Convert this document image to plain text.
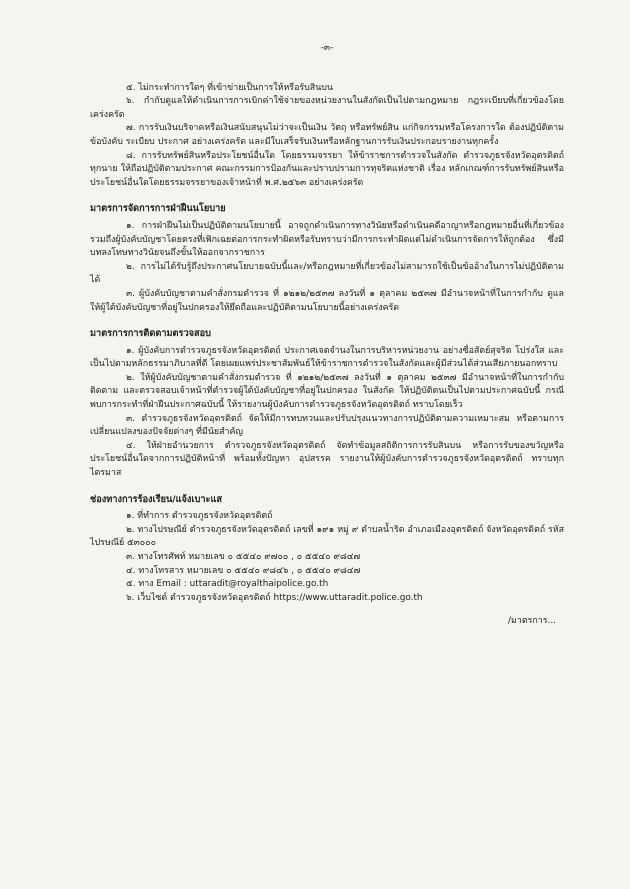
-๓-

๕. ไม่กระทำการใดๆ ที่เข้าข่ายเป็นการให้หรือรับสินบน

๖. กำกับดูแลให้ดำเนินการการเบิกค่าใช้จ่ายของหน่วยงานในสังกัดเป็นไปตามกฎหมาย กฎระเบียบที่เกี่ยวข้องโดยเคร่งครัด

๗. การรับเงินบริจาคหรือเงินสนับสนุนไม่ว่าจะเป็นเงิน วัตถุ หรือทรัพย์สิน แก่กิจกรรมหรือโครงการใด ต้องปฏิบัติตามข้อบังคับ ระเบียบ ประกาศ อย่างเคร่งครัด และมีใบเสร็จรับเงินหรือหลักฐานการรับเงินประกอบรายงานทุกครั้ง

๘. การรับทรัพย์สินหรือประโยชน์อื่นใด โดยธรรมจรรยา ให้ข้าราชการตำรวจในสังกัด ตำรวจภูธรจังหวัดอุตรดิตถ์ ทุกนาย ให้ถือปฏิบัติตามประกาศ คณะกรรมการป้องกันและปราบปรามการทุจริตแห่งชาติ เรื่อง หลักเกณฑ์การรับทรัพย์สินหรือประโยชน์อื่นใดโดยธรรมจรรยาของเจ้าหน้าที่ พ.ศ.๒๕๖๓ อย่างเคร่งครัด

มาตรการจัดการการฝ่าฝืนนโยบาย

๑. การฝ่าฝืนไม่เป็นปฏิบัติตามนโยบายนี้ อาจถูกดำเนินการทางวินัยหรือดำเนินคดีอาญาหรือกฎหมายอื่นที่เกี่ยวข้อง รวมถึงผู้บังคับบัญชาโดยตรงที่เพิกเฉยต่อการกระทำผิดหรือรับทราบว่ามีการกระทำผิดแต่ไม่ดำเนินการจัดการให้ถูกต้อง ซึ่งมีบทลงโทษทางวินัยจนถึงขั้นให้ออกจากราชการ

๒. การไม่ได้รับรู้ถึงประกาศนโยบายฉบับนี้และ/หรือกฎหมายที่เกี่ยวข้องไม่สามารถใช้เป็นข้ออ้างในการไม่ปฏิบัติตามได้

๓. ผู้บังคับบัญชาตามคำสั่งกรมตำรวจ ที่ ๑๒๑๒/๒๕๓๗ ลงวันที่ ๑ ตุลาคม ๒๕๓๗ มีอำนาจหน้าที่ในการกำกับ ดูแล ให้ผู้ใต้บังคับบัญชาที่อยู่ในปกครองให้ยึดถือและปฏิบัติตามนโยบายนี้อย่างเคร่งครัด

มาตรการการติดตามตรวจสอบ

๑. ผู้บังคับการตำรวจภูธรจังหวัดอุตรดิตถ์ ประกาศเจตจำนงในการบริหารหน่วยงาน อย่างซื่อสัตย์สุจริต โปร่งใส และเป็นไปตามหลักธรรมาภิบาลที่ดี โดยเผยแพร่ประชาสัมพันธ์ให้ข้าราชการตำรวจในสังกัดและผู้มีส่วนได้ส่วนเสียภายนอกทราบ

๒. ให้ผู้บังคับบัญชาตามคำสั่งกรมตำรวจ ที่ ๑๒๑๒/๒๕๓๗ ลงวันที่ ๑ ตุลาคม ๒๕๓๗ มีอำนาจหน้าที่ในการกำกับ ติดตาม และตรวจสอบเจ้าหน้าที่ตำรวจผู้ใต้บังคับบัญชาที่อยู่ในปกครอง ในสังกัด ให้ปฏิบัติตนเป็นไปตามประกาศฉบับนี้ กรณีพบการกระทำที่ฝ่าฝืนประกาศฉบับนี้ ให้รายงานผู้บังคับการตำรวจภูธรจังหวัดอุตรดิตถ์ ทราบโดยเร็ว

๓. ตำรวจภูธรจังหวัดอุตรดิตถ์ จัดให้มีการทบทวนและปรับปรุงแนวทางการปฏิบัติตามความเหมาะสม หรือตามการเปลี่ยนแปลงของปัจจัยต่างๆ ที่มีนัยสำคัญ

๔. ให้ฝ่ายอำนวยการ ตำรวจภูธรจังหวัดอุตรดิตถ์ จัดทำข้อมูลสถิติการการรับสินบน หรือการรับของขวัญหรือประโยชน์อื่นใดจากการปฏิบัติหน้าที่ พร้อมทั้งปัญหา อุปสรรค รายงานให้ผู้บังคับการตำรวจภูธรจังหวัดอุตรดิตถ์ ทราบทุกไตรมาส

ช่องทางการร้องเรียน/แจ้งเบาะแส

๑. ที่ทำการ ตำรวจภูธรจังหวัดอุตรดิตถ์

๒. ทางไปรษณีย์ ตำรวจภูธรจังหวัดอุตรดิตถ์ เลขที่ ๑๙๑ หมู่ ๙ ตำบลน้ำริด อำเภอเมืองอุตรดิตถ์ จังหวัดอุตรดิตถ์ รหัสไปรษณีย์ ๕๓๐๐๐

๓. ทางโทรศัพท์ หมายเลข ๐ ๕๕๔๐ ๙๗๐๐ , ๐ ๕๕๔๐ ๙๘๔๗

๔. ทางโทรสาร หมายเลข ๐ ๕๕๔๐ ๙๘๔๖ , ๐ ๕๕๔๐ ๙๘๔๗

๕. ทาง Email : uttaradit@royalthaipolice.go.th

๖. เว็บไซต์ ตำรวจภูธรจังหวัดอุตรดิตถ์ https://www.uttaradit.police.go.th

/มาตรการ...
